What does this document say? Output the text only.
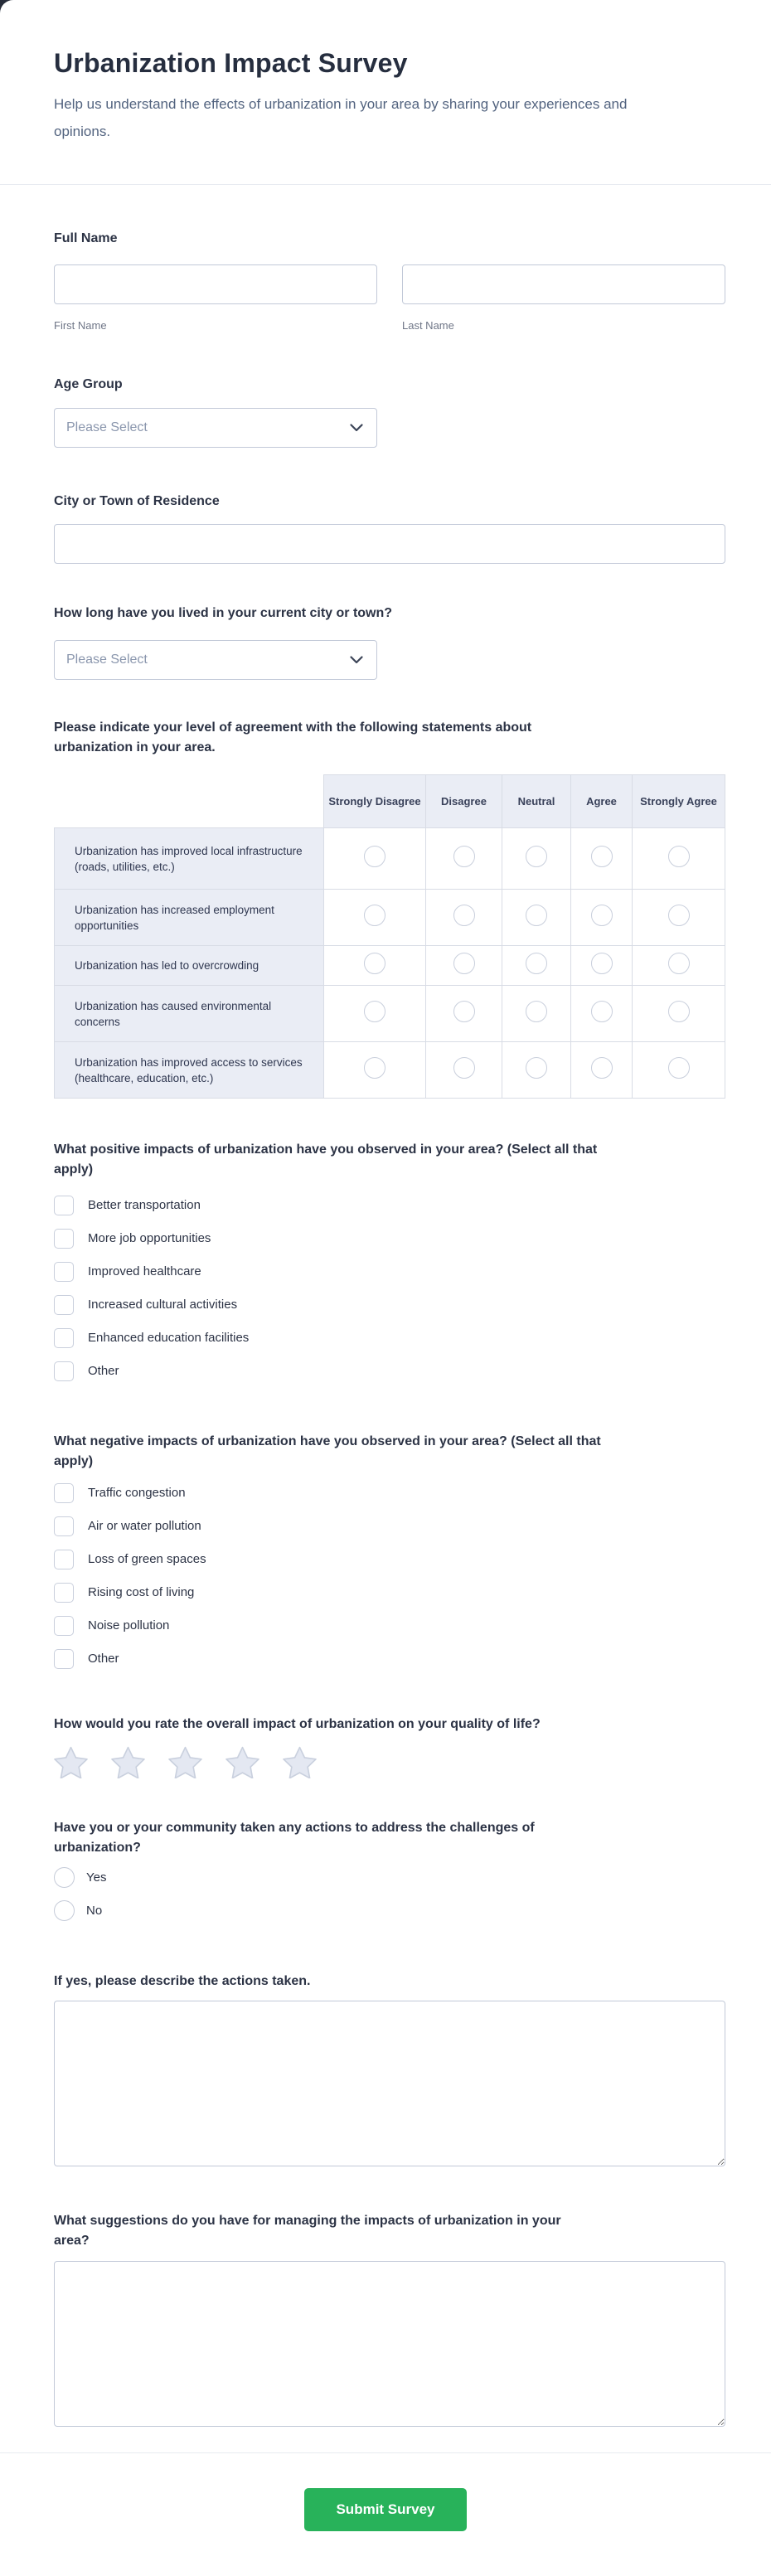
Urbanization Impact Survey

Help us understand the effects of urbanization in your area by sharing your experiences and opinions.

Full Name
First Name	Last Name
Age Group
Please Select
City or Town of Residence
How long have you lived in your current city or town?
Please Select
Please indicate your level of agreement with the following statements about urbanization in your area.
	Strongly Disagree	Disagree	Neutral	Agree	Strongly Agree
Urbanization has improved local infrastructure (roads, utilities, etc.)					
Urbanization has increased employment opportunities					
Urbanization has led to overcrowding					
Urbanization has caused environmental concerns					
Urbanization has improved access to services (healthcare, education, etc.)					
What positive impacts of urbanization have you observed in your area? (Select all that apply)
Better transportation
More job opportunities
Improved healthcare
Increased cultural activities
Enhanced education facilities
Other
What negative impacts of urbanization have you observed in your area? (Select all that apply)
Traffic congestion
Air or water pollution
Loss of green spaces
Rising cost of living
Noise pollution
Other
How would you rate the overall impact of urbanization on your quality of life?
Have you or your community taken any actions to address the challenges of urbanization?
Yes
No
If yes, please describe the actions taken.
What suggestions do you have for managing the impacts of urbanization in your area?
Submit Survey
